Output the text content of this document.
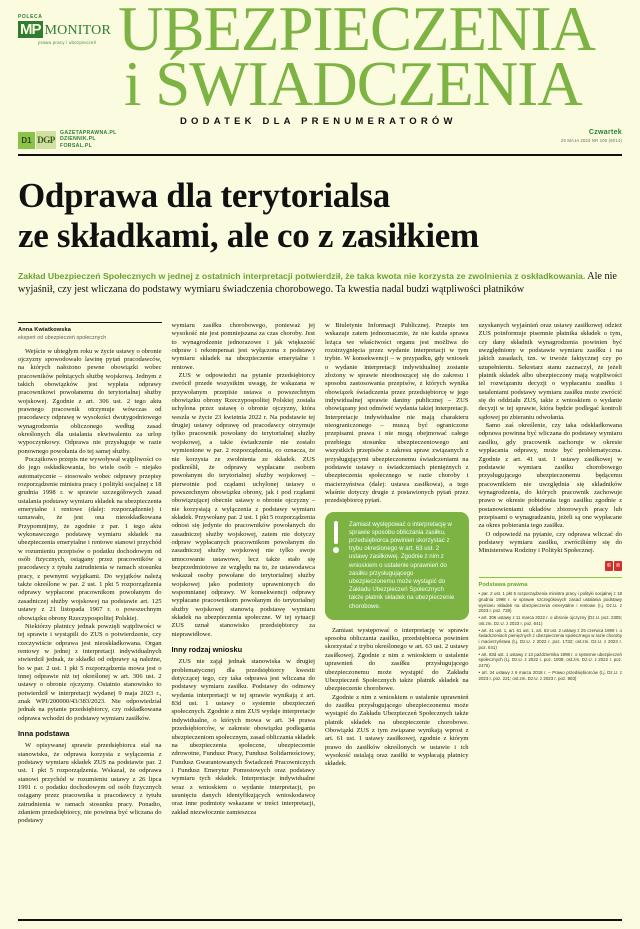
POLECA
MP MONITOR
prawa pracy i ubezpieczeń UBEZPIECZENIA
i ŚWIADCZENIA
DODATEK DLA PRENUMERATORÓW
D1 DGP
GAZETAPRAWNA.PL
DZIENNIK.PL
FORSAL.PL
Czwartek
25 MAJA 2023 NR 100 (6014)
Odprawa dla terytorialsa
ze składkami, ale co z zasiłkiem
Zakład Ubezpieczeń Społecznych w jednej z ostatnich interpretacji potwierdził, że taka kwota nie korzysta ze zwolnienia z oskładkowania. Ale nie wyjaśnił, czy jest wliczana do podstawy wymiaru świadczenia chorobowego. Ta kwestia nadal budzi wątpliwości płatników
Anna Kwiatkowska
ekspert od ubezpieczeń społecznych

Wejście w ubiegłym roku w życie ustawy o obronie ojczyzny spowodowało lawinę pytań pracodawców, na których nałożono pewne obowiązki wobec pracowników pełniących służbę wojskową. Jednym z takich obowiązków jest wypłata odprawy pracownikowi powołanemu do terytorialnej służby wojskowej. Zgodnie z art. 306 ust. 2 tego aktu prawnego pracownik otrzymuje wówczas od pracodawcy odprawę w wysokości dwutygodniowego wynagrodzenia obliczonego według zasad określonych dla ustalania ekwiwalentu za urlop wypoczynkowy. Odprawa nie przysługuje w razie ponownego powołania do tej samej służby.

Początkowo przepis nie wywoływał wątpliwości co do jego oskładkowania, bo wiele osób – niejako automatycznie – stosowało wobec odprawy przepisy rozporządzenie ministra pracy i polityki socjalnej z 18 grudnia 1998 r. w sprawie szczegółowych zasad ustalania podstawy wymiaru składek na ubezpieczenia emerytalne i rentowe (dalej: rozporządzenie) i uznawało, że jest ona nieoskładkowana Przypomnijmy, że zgodnie z par. 1 tego aktu wykonawczego podstawę wymiaru składek na ubezpieczenia emerytalne i rentowe stanowi przychód w rozumieniu przepisów o podatku dochodowym od osób fizycznych, osiągany przez pracowników u pracodawcy z tytułu zatrudnienia w ramach stosunku pracy, z pewnymi wyjątkami. Do wyjątków należą także określone w par. 2 ust. 1 pkt 5 rozporządzenia odprawy wypłacone pracownikom powołanym do zasadniczej służby wojskowej na podstawie art. 125 ustawy z 21 listopada 1967 r. o powszechnym obowiązku obrony Rzeczypospolitej Polskiej.

Niektórzy płatnicy jednak powzięli wątpliwości w tej sprawie i wystąpili do ZUS o potwierdzenie, czy rzeczywiście odprawa jest nieoskładkowana. Organ rentowy w jednej z interpretacji indywidualnych stwierdził jednak, że składki od odprawy są należne, bo w par. 2 ust. 1 pkt 5 rozporządzenia mowa jest o innej odprawie niż tej określonej w art. 306 ust. 2 ustawy o obronie ojczyzny. Ostatnio stanowisko to potwierdził w interpretacji wydanej 9 maja 2023 r., znak WPI/200000/43/383/2023. Nie odpowiedział jednak na pytanie przedsiębiorcy, czy oskładkowana odprawa wchodzi do podstawy wymiaru zasiłków.

Inna podstawa

W opisywanej sprawie przedsiębiorca stał na stanowisku, że odprawa korzysta z wyłączenia z podstawy wymiaru składek ZUS na podstawie par. 2 ust. 1 pkt 5 rozporządzenia. Wskazał, że odprawa stanowi przychód w rozumieniu ustawy z 26 lipca 1991 r. o podatku dochodowym od osób fizycznych osiągany przez pracownika u pracodawcy z tytułu zatrudnienia w ramach stosunku pracy. Ponadto, zdaniem przedsiębiorcy, nie powinna być wliczana do podstawy

wymiaru zasiłku chorobowego, ponieważ jej wysokość nie jest pomniejszana za czas choroby. Jest to wynagrodzenie jednorazowe i jak większość odpraw i rekompensat jest wyłączona z podstawy wymiaru składek na ubezpieczenie emerytalne i rentowe.

ZUS w odpowiedzi na pytanie przedsiębiorcy zwrócił przede wszystkim uwagę, że wskazana w przywołanym przepisie ustawa o powszechnym obowiązku obrony Rzeczypospolitej Polskiej została uchylona przez ustawę o obronie ojczyzny, która weszła w życie 23 kwietnia 2022 r. Na podstawie tej drugiej ustawy odprawę od pracodawcy otrzymuje tylko pracownik powołany do terytorialnej służby wojskowej, a takie świadczenie nie zostało wymienione w par. 2 rozporządzenia, co oznacza, że nie korzysta ze zwolnienia ze składek. ZUS podkreślił, że odprawy wypłacane osobom powołanym do terytorialnej służby wojskowej – pierwotnie pod rządami uchylonej ustawy o powszechnym obowiązku obrony, jak i pod rządami obowiązującej obecnie ustawy o obronie ojczyzny – nie korzystają z wyłączenia z podstawy wymiaru składek. Przywołany par. 2 ust. 1 pkt 5 rozporządzenia odnosi się jedynie do pracowników powołanych do zasadniczej służby wojskowej, zatem nie dotyczy odpraw wypłacanych pracownikom powołanym do zasadniczej służby wojskowej nie tylko swoje umocowanie ustawowe, lecz także stało się bezprzedmiotowe ze względu na to, że ustawodawca wskazał osoby powołane do terytorialnej służby wojskowej jako podmioty uprawnionych do wspomnianej odprawy. W konsekwencji odprawy wypłacane pracownikom powołanym do terytorialnej służby wojskowej stanowią podstawę wymiaru składek na ubezpieczenia społeczne. W tej sytuacji ZUS uznał stanowisko przedsiębiorcy za nieprawidłowe.

Inny rodzaj wniosku

ZUS nie zajął jednak stanowiska w drugiej problematycznej dla przedsiębiorcy kwestii dotyczącej tego, czy taka odprawa jest wliczana do podstawy wymiaru zasiłku. Podstawy do odmowy wydania interpretacji w tej sprawie wynikają z art. 83d ust. 1 ustawy o systemie ubezpieczeń społecznych. Zgodnie z nim ZUS wydaje interpretacje indywidualne, o których mowa w art. 34 prawa przedsiębiorców, w zakresie obowiązku podlegania ubezpieczeniom społecznym, zasad obliczania składek na ubezpieczenia społeczne, ubezpieczenie zdrowotne, Fundusz Pracy, Fundusz Solidarnościowy, Fundusz Gwarantowanych Świadczeń Pracowniczych i Fundusz Emerytur Pomostowych oraz podstawy wymiaru tych składek. Interpretacje indywidualne wraz z wnioskiem o wydanie interpretacji, po usunięciu danych identyfikujących wnioskodawcę oraz inne podmioty wskazane w treści interpretacji, zakład niezwłocznie zamieszcza

w Biuletynie Informacji Publicznej. Przepis ten wskazuje zatem jednoznacznie, że nie każda sprawa leżąca we właściwości organu jest możliwa do rozstrzygnięcia przez wydanie interpretacji w tym trybie. W konsekwencji – w przypadku, gdy wniosek o wydanie interpretacji indywidualnej zostanie złożony w sprawie nieodnoszącej się do zakresu i sposobu zastosowania przepisów, z których wynika obowiązek świadczenia przez przedsiębiorcę w jego indywidualnej sprawie daniny publicznej – ZUS obowiązany jest odmówić wydania takiej interpretacji. Interpretacje indywidualne nie mają charakteru nieograniczonego – muszą być ograniczone przepisami prawa i nie mogą obejmować całego przebiegu stosunku ubezpieczeniowego ani wszystkich przepisów z zakresu spraw związanych z przysługującymi ubezpieczonemu świadczeniami na podstawie ustawy o świadczeniach pieniężnych z ubezpieczenia społecznego w razie choroby i macierzyństwa (dalej: ustawa zasiłkowa), a tego właśnie dotyczy drugie z postawionych pytań przez przedsiębiorcę pytań.

Zamiast występować o interpretację w sprawie sposobu obliczania zasiłku, przedsiębiorca powinien skorzystać z trybu określonego w art. 63 ust. 2 ustawy zasiłkowej. Zgodnie z nim z wnioskiem o ustalenie uprawnień do zasiłku przysługującego ubezpieczonemu może wystąpić do Zakładu Ubezpieczeń Społecznych także płatnik składek na ubezpieczenie chorobowe.

Zamiast występować o interpretację w sprawie sposobu obliczania zasiłku, przedsiębiorca powinien skorzystać z trybu określonego w art. 63 ust. 2 ustawy zasiłkowej. Zgodnie z nim z wnioskiem o ustalenie uprawnień do zasiłku przysługującego ubezpieczonemu może wystąpić do Zakładu Ubezpieczeń Społecznych także płatnik składek na ubezpieczenie chorobowe.

Zgodnie z nim z wnioskiem o ustalenie uprawnień do zasiłku przysługującego ubezpieczonemu może wystąpić do Zakładu Ubezpieczeń Społecznych także płatnik składek na ubezpieczenie chorobowe. Obowiązki ZUS z tym związane wynikają wprost z art. 61 ust. 1 ustawy zasiłkowej, zgodnie z którym prawo do zasiłków określonych w ustawie i ich wysokość ustalają oraz zasiłki te wypłacają płatnicy składek.

uzyskanych wyjaśnień oraz ustawy zasiłkowej odzież ZUS poinformuje pisemnie płatnika składek o tym, czy dany składnik wynagrodzenia powinien być uwzględniony w podstawie wymiaru zasiłku i na jakich zasadach, tzn. w trwoże faktycznej czy po uzupełnieniu. Sekretarz stanu zaznaczył, że jeżeli płatnik składek albo ubezpieczony mają wątpliwości tel rozwiązaniu decyzji o wypłacaniu zasiłku i ustaleniami podstawy wymiaru zasiłku może zwrócić się do oddziału ZUS, takie z wnioskiem o wydanie decyzji w tej sprawie, która będzie podlegać kontroli sądowej po zbieraniu odwołania.

Samo zaś określenie, czy taka odskładkowana odprawa powinna być wliczana do podstawy wymiaru zasiłku, gdy pracownik zachoruje w okresie wypłacania odprawy, może być problematyczna. Zgodnie z art. 41 ust. 1 ustawy zasiłkowej w podstawie wymiaru zasiłku chorobowego przysługującego ubezpieczonemu będącemu pracownikiem nie uwzględnia się składników wynagrodzenia, do których pracownik zachowuje prawo w okresie pobierania tego zasiłku zgodnie z postanowieniami układów zbiorowych pracy lub przepisami o wynagradzaniu, jeżeli są one wypłacane za okres pobierania tego zasiłku.

O odpowiedź na pytanie, czy odprawa wliczać do podstawy wymiaru zasiłku, zwróciliśmy się do Ministerstwa Rodziny i Polityki Społecznej.

© ℗
Podstawa prawna

• par. 2 ust. 1 pkt 5 rozporządzenia ministra pracy i polityki socjalnej z 18 grudnia 1998 r. w sprawie szczegółowych zasad ustalania podstawy wymiaru składek na ubezpieczenia emerytalne i rentowe (t.j. Dz.U. z 2023 r. poz. 728)

• art. 306 ustawy z 11 marca 2022 r. o obronie ojczyzny (Dz.U. poz. 2305; ost.zm. Dz.U. z 2023 r. poz. 641)

• art. 41 ust. 1, art. 61 ust. 1, art. 63 ust. 2 ustawy z 25 czerwca 1999 r. o świadczeniach pieniężnych z ubezpieczenia społecznego w razie choroby i macierzyństwa (t.j. Dz.U. z 2022 r. poz. 1732; ost.zm. Dz.U. z 2023 r. poz. 641)

• art. 83d ust. 1 ustawy z 13 października 1998 r. o systemie ubezpieczeń społecznych (t.j. Dz.U. z 2022 r. poz. 1009; ost.zm. Dz.U. z 2022 r. poz. 2476)

• art. 34 ustawy z 6 marca 2018 r. – Prawo przedsiębiorców (t.j. Dz.U. z 2023 r. poz. 221; ost.zm. Dz.U. z 2023 r. poz. 803)
